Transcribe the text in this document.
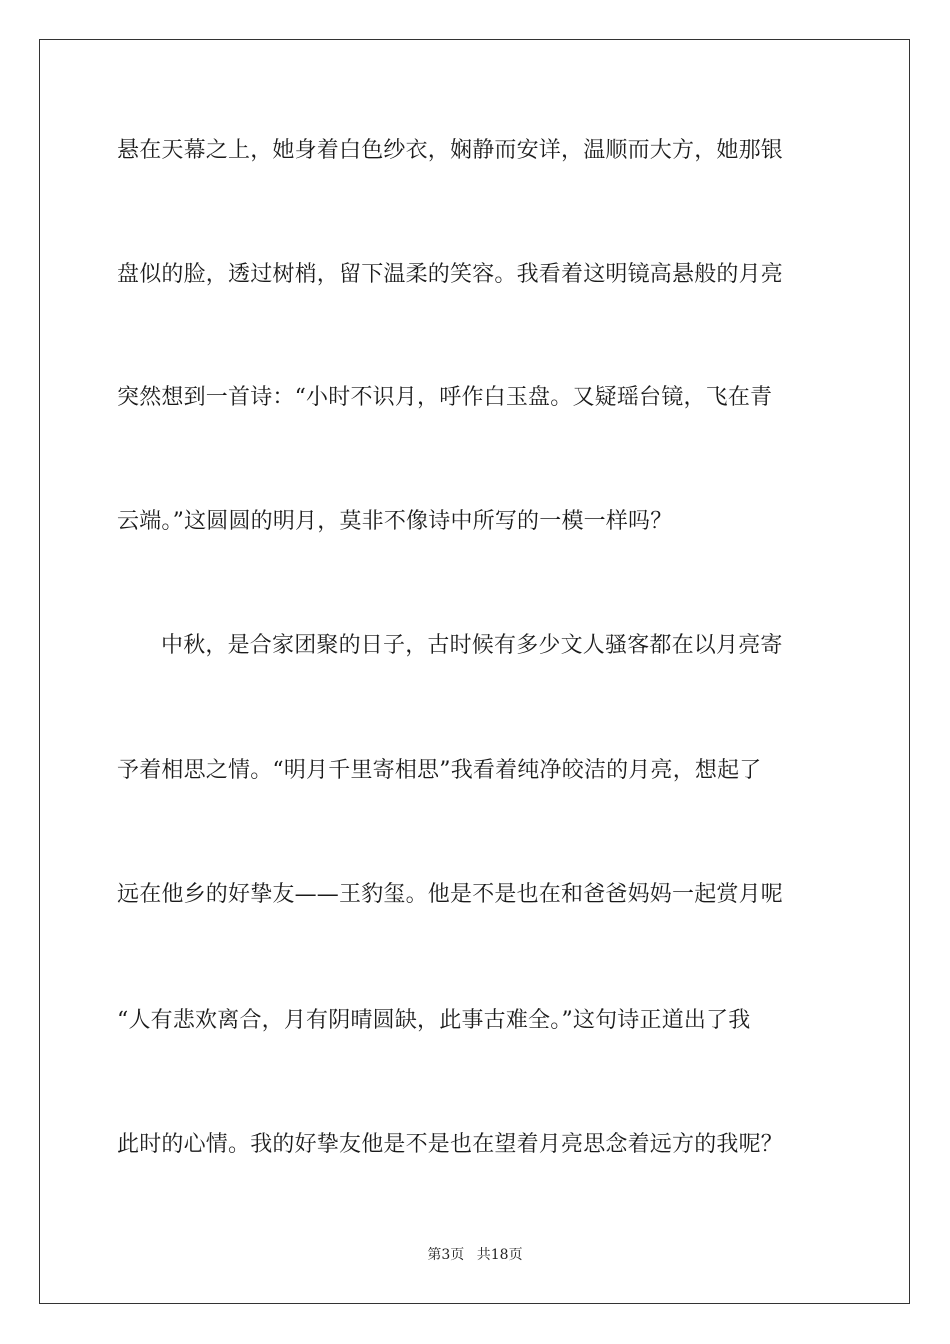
悬在天幕之上，她身着白色纱衣，娴静而安详，温顺而大方，她那银
盘似的脸，透过树梢，留下温柔的笑容。我看着这明镜高悬般的月亮
突然想到一首诗：“小时不识月，呼作白玉盘。又疑瑶台镜，飞在青
云端。”这圆圆的明月，莫非不像诗中所写的一模一样吗？
中秋，是合家团聚的日子，古时候有多少文人骚客都在以月亮寄
予着相思之情。“明月千里寄相思”我看着纯净皎洁的月亮，想起了
远在他乡的好挚友——王豹玺。他是不是也在和爸爸妈妈一起赏月呢
“人有悲欢离合，月有阴晴圆缺，此事古难全。”这句诗正道出了我
此时的心情。我的好挚友他是不是也在望着月亮思念着远方的我呢？
第3页 共18页
